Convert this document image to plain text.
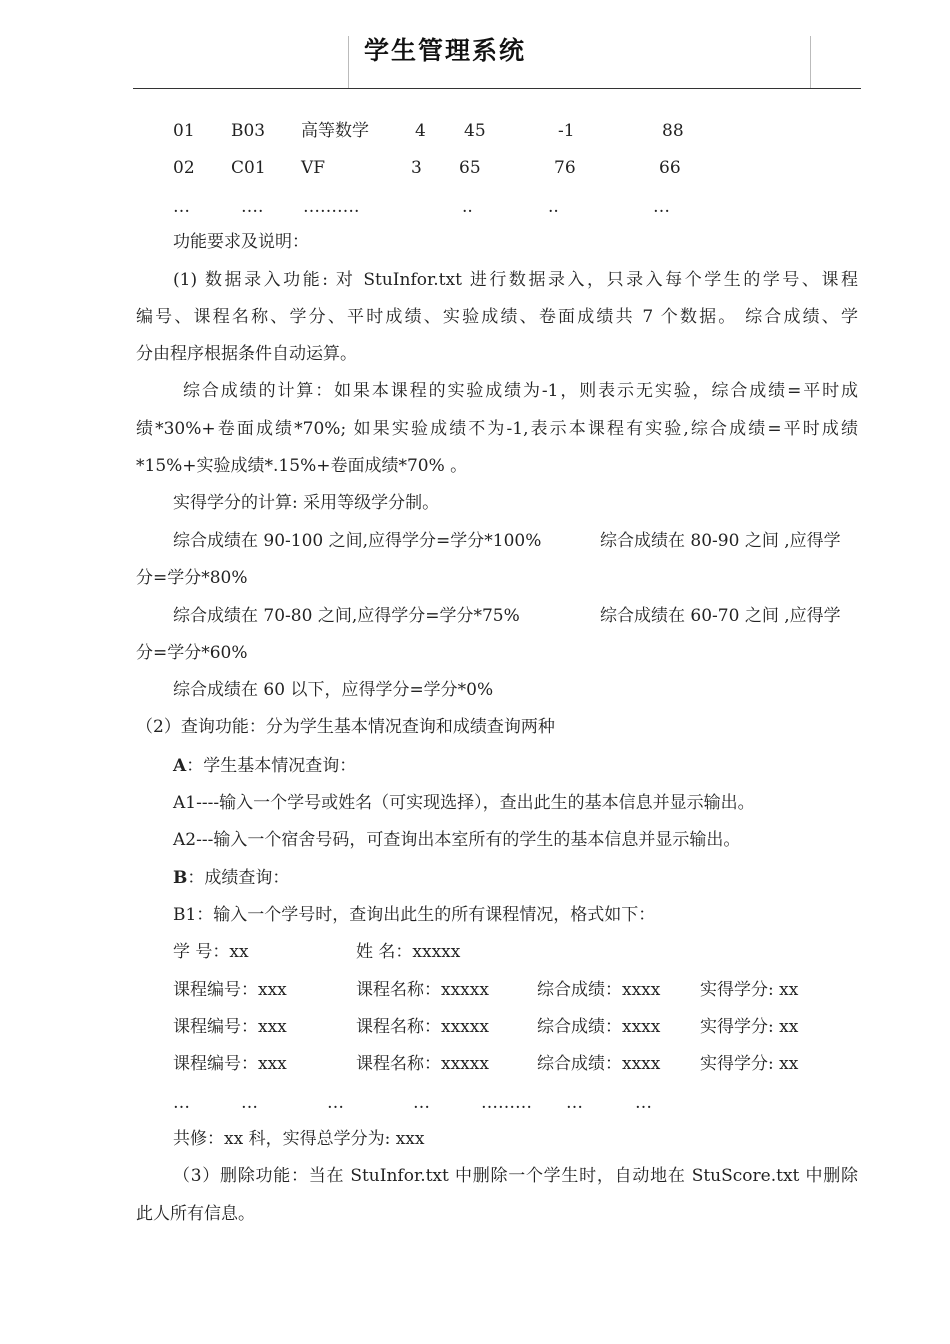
学生管理系统
01 B03 高等数学	4 45	-1	88
02 C01 VF	3 65	76	66
…	…. ……….	..	..	…
功能要求及说明：
(1) 数据录入功能: 对 StuInfor.txt 进行数据录入，只录入每个学生的学号、课程
编号、课程名称、学分、平时成绩、实验成绩、卷面成绩共 7 个数据。 综合成绩、学
分由程序根据条件自动运算。
综合成绩的计算：如果本课程的实验成绩为-1，则表示无实验，综合成绩=平时成
绩*30%+卷面成绩*70%; 如果实验成绩不为-1,表示本课程有实验,综合成绩=平时成绩
*15%+实验成绩*.15%+卷面成绩*70% 。
实得学分的计算: 采用等级学分制。
综合成绩在 90-100 之间,应得学分=学分*100%	综合成绩在 80-90 之间 ,应得学
分=学分*80%
综合成绩在 70-80 之间,应得学分=学分*75%	综合成绩在 60-70 之间 ,应得学
分=学分*60%
综合成绩在 60 以下，应得学分=学分*0%
（2）查询功能：分为学生基本情况查询和成绩查询两种
A：学生基本情况查询：
A1----输入一个学号或姓名（可实现选择），查出此生的基本信息并显示输出。
A2---输入一个宿舍号码，可查询出本室所有的学生的基本信息并显示输出。
B：成绩查询：
B1：输入一个学号时，查询出此生的所有课程情况，格式如下：
学 号：xx	姓 名：xxxxx
课程编号：xxx	课程名称：xxxxx	综合成绩：xxxx 实得学分: xx
课程编号：xxx	课程名称：xxxxx	综合成绩：xxxx 实得学分: xx
课程编号：xxx	课程名称：xxxxx	综合成绩：xxxx 实得学分: xx
…	…	…	…	……… …	…
共修：xx 科，实得总学分为: xxx
（3）删除功能：当在 StuInfor.txt 中删除一个学生时，自动地在 StuScore.txt 中删除
此人所有信息。
